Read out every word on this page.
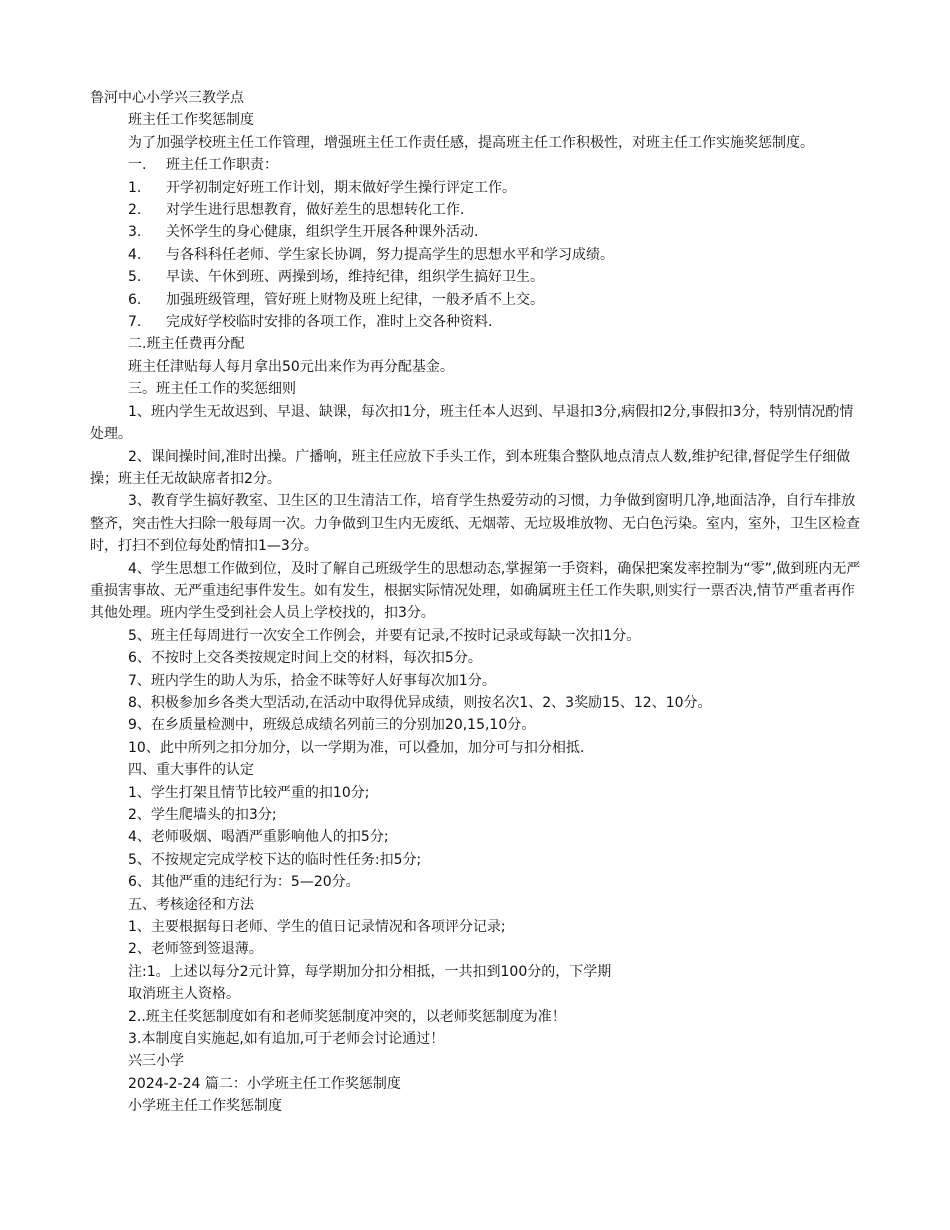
鲁河中心小学兴三教学点

班主任工作奖惩制度

为了加强学校班主任工作管理，增强班主任工作责任感，提高班主任工作积极性，对班主任工作实施奖惩制度。

一. 班主任工作职责：

1. 开学初制定好班工作计划，期末做好学生操行评定工作。

2. 对学生进行思想教育，做好差生的思想转化工作.

3. 关怀学生的身心健康，组织学生开展各种课外活动.

4. 与各科科任老师、学生家长协调，努力提高学生的思想水平和学习成绩。

5. 早读、午休到班、两操到场，维持纪律，组织学生搞好卫生。

6. 加强班级管理，管好班上财物及班上纪律，一般矛盾不上交。

7. 完成好学校临时安排的各项工作，准时上交各种资料.

二.班主任费再分配

班主任津贴每人每月拿出50元出来作为再分配基金。

三。班主任工作的奖惩细则

1、班内学生无故迟到、早退、缺课，每次扣1分，班主任本人迟到、早退扣3分,病假扣2分,事假扣3分，特别情况酌情处理。

2、课间操时间,准时出操。广播响，班主任应放下手头工作，到本班集合整队地点清点人数,维护纪律,督促学生仔细做操；班主任无故缺席者扣2分。

3、教育学生搞好教室、卫生区的卫生清洁工作，培育学生热爱劳动的习惯，力争做到窗明几净,地面洁净，自行车排放整齐，突击性大扫除一般每周一次。力争做到卫生内无废纸、无烟蒂、无垃圾堆放物、无白色污染。室内，室外，卫生区检查时，打扫不到位每处酌情扣1—3分。

4、学生思想工作做到位，及时了解自己班级学生的思想动态,掌握第一手资料，确保把案发率控制为“零”,做到班内无严重损害事故、无严重违纪事件发生。如有发生，根据实际情况处理，如确属班主任工作失职,则实行一票否决,情节严重者再作其他处理。班内学生受到社会人员上学校找的，扣3分。

5、班主任每周进行一次安全工作例会，并要有记录,不按时记录或每缺一次扣1分。

6、不按时上交各类按规定时间上交的材料，每次扣5分。

7、班内学生的助人为乐，拾金不昧等好人好事每次加1分。

8、积极参加乡各类大型活动,在活动中取得优异成绩，则按名次1、2、3奖励15、12、10分。

9、在乡质量检测中，班级总成绩名列前三的分别加20,15,10分。

10、此中所列之扣分加分，以一学期为准，可以叠加，加分可与扣分相抵.

四、重大事件的认定

1、学生打架且情节比较严重的扣10分;

2、学生爬墙头的扣3分;

4、老师吸烟、喝酒严重影响他人的扣5分;

5、不按规定完成学校下达的临时性任务:扣5分;

6、其他严重的违纪行为：5—20分。

五、考核途径和方法

1、主要根据每日老师、学生的值日记录情况和各项评分记录;

2、老师签到签退薄。

注:1。上述以每分2元计算，每学期加分扣分相抵，一共扣到100分的，下学期

取消班主人资格。

2..班主任奖惩制度如有和老师奖惩制度冲突的，以老师奖惩制度为准！

3.本制度自实施起,如有追加,可于老师会讨论通过！

兴三小学

2024-2-24 篇二：小学班主任工作奖惩制度

小学班主任工作奖惩制度
